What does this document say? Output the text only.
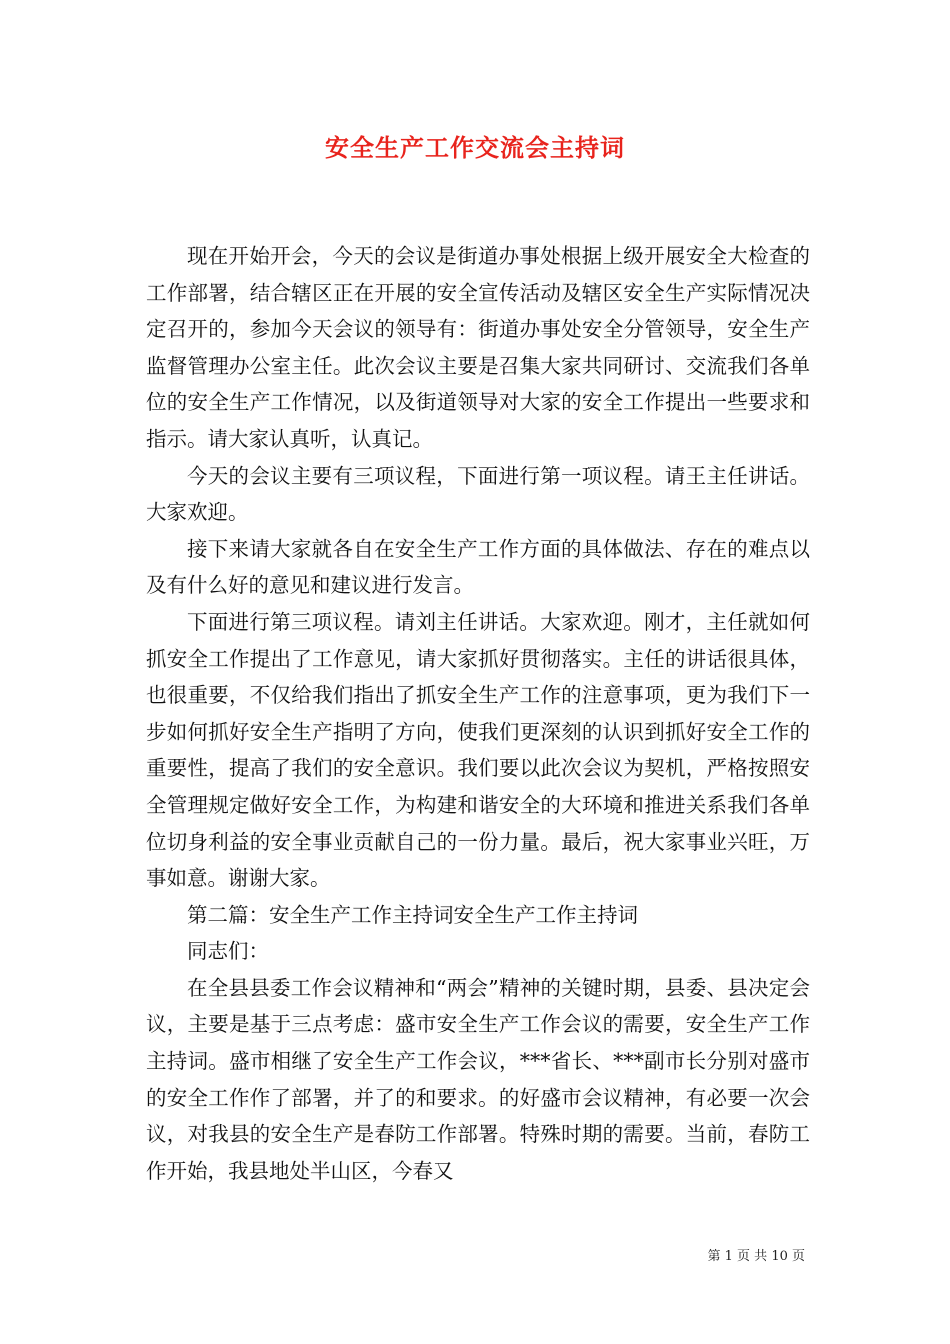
安全生产工作交流会主持词

现在开始开会，今天的会议是街道办事处根据上级开展安全大检查的工作部署，结合辖区正在开展的安全宣传活动及辖区安全生产实际情况决定召开的，参加今天会议的领导有：街道办事处安全分管领导，安全生产监督管理办公室主任。此次会议主要是召集大家共同研讨、交流我们各单位的安全生产工作情况，以及街道领导对大家的安全工作提出一些要求和指示。请大家认真听，认真记。

今天的会议主要有三项议程，下面进行第一项议程。请王主任讲话。大家欢迎。

接下来请大家就各自在安全生产工作方面的具体做法、存在的难点以及有什么好的意见和建议进行发言。

下面进行第三项议程。请刘主任讲话。大家欢迎。刚才，主任就如何抓安全工作提出了工作意见，请大家抓好贯彻落实。主任的讲话很具体，也很重要，不仅给我们指出了抓安全生产工作的注意事项，更为我们下一步如何抓好安全生产指明了方向，使我们更深刻的认识到抓好安全工作的重要性，提高了我们的安全意识。我们要以此次会议为契机，严格按照安全管理规定做好安全工作，为构建和谐安全的大环境和推进关系我们各单位切身利益的安全事业贡献自己的一份力量。最后，祝大家事业兴旺，万事如意。谢谢大家。

第二篇：安全生产工作主持词安全生产工作主持词

同志们：

在全县县委工作会议精神和“两会”精神的关键时期，县委、县决定会议，主要是基于三点考虑：盛市安全生产工作会议的需要，安全生产工作主持词。盛市相继了安全生产工作会议，***省长、***副市长分别对盛市的安全工作作了部署，并了的和要求。的好盛市会议精神，有必要一次会议，对我县的安全生产是春防工作部署。特殊时期的需要。当前，春防工作开始，我县地处半山区，今春又

第 1 页 共 10 页
